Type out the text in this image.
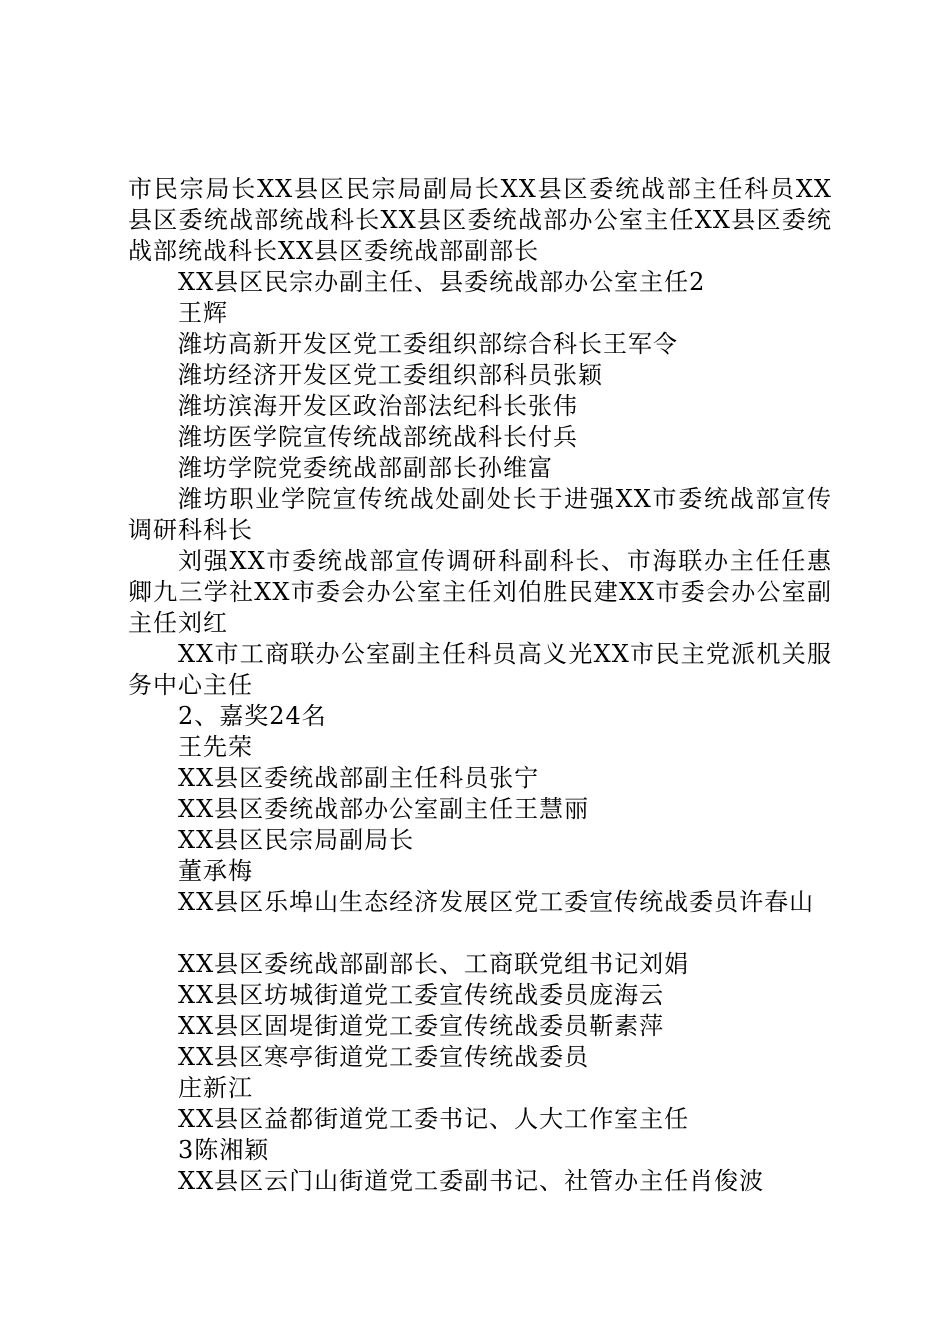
市民宗局长XX县区民宗局副局长XX县区委统战部主任科员XX县区委统战部统战科长XX县区委统战部办公室主任XX县区委统战部统战科长XX县区委统战部副部长

XX县区民宗办副主任、县委统战部办公室主任2

王辉

潍坊高新开发区党工委组织部综合科长王军令

潍坊经济开发区党工委组织部科员张颖

潍坊滨海开发区政治部法纪科长张伟

潍坊医学院宣传统战部统战科长付兵

潍坊学院党委统战部副部长孙维富

潍坊职业学院宣传统战处副处长于进强XX市委统战部宣传调研科科长

刘强XX市委统战部宣传调研科副科长、市海联办主任任惠卿九三学社XX市委会办公室主任刘伯胜民建XX市委会办公室副主任刘红

XX市工商联办公室副主任科员高义光XX市民主党派机关服务中心主任

2、嘉奖24名

王先荣

XX县区委统战部副主任科员张宁

XX县区委统战部办公室副主任王慧丽

XX县区民宗局副局长

董承梅

XX县区乐埠山生态经济发展区党工委宣传统战委员许春山

XX县区委统战部副部长、工商联党组书记刘娟

XX县区坊城街道党工委宣传统战委员庞海云

XX县区固堤街道党工委宣传统战委员靳素萍

XX县区寒亭街道党工委宣传统战委员

庄新江

XX县区益都街道党工委书记、人大工作室主任

3陈湘颖

XX县区云门山街道党工委副书记、社管办主任肖俊波
